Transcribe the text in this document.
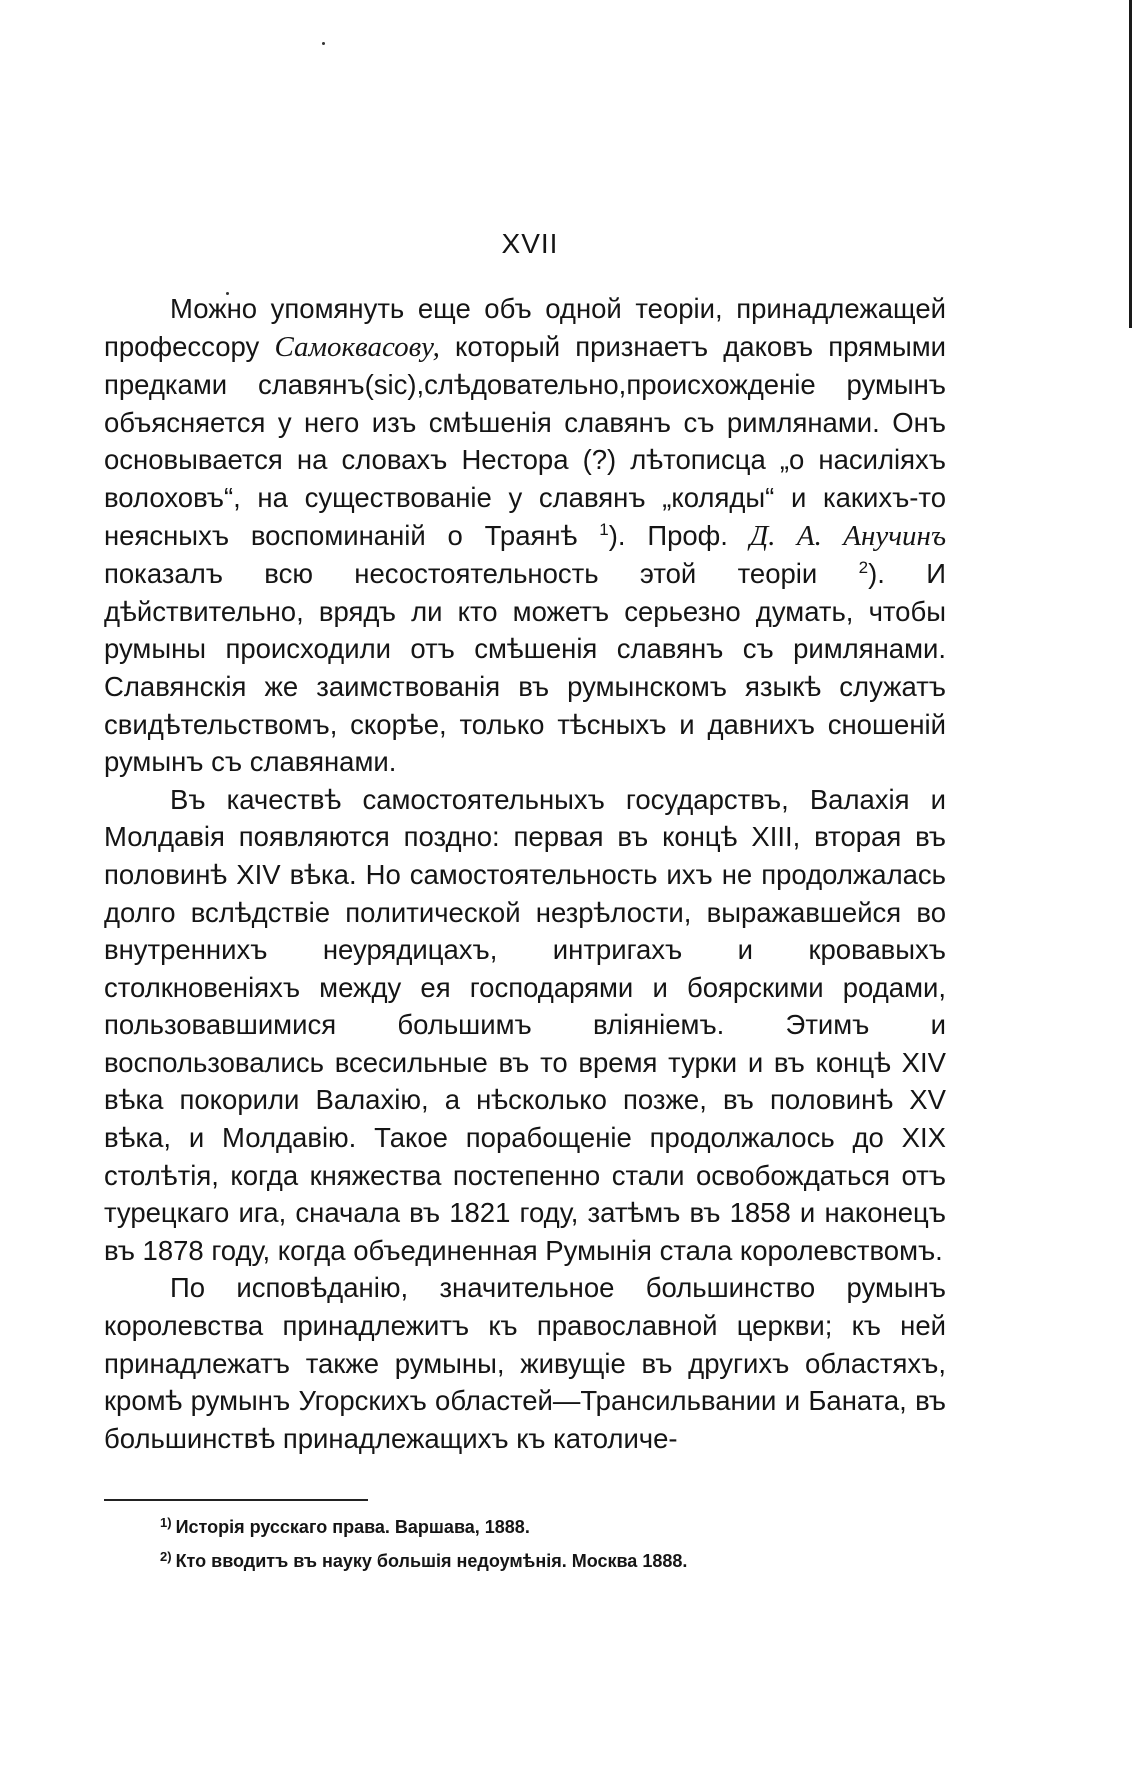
XVII

Можно упомянуть еще объ одной теоріи, принадлежащей профессору Самоквасову, который признаетъ даковъ прямыми предками славянъ(sic),слѣдовательно,происхожденіе румынъ объясняется у него изъ смѣшенія славянъ съ римлянами. Онъ основывается на словахъ Нестора (?) лѣтописца „о насиліяхъ волоховъ“, на существованіе у славянъ „коляды“ и какихъ-то неясныхъ воспоминаній о Траянѣ $^1$). Проф. Д. А. Анучинъ показалъ всю несостоятельность этой теоріи $^2$). И дѣйствительно, врядъ ли кто можетъ серьезно думать, чтобы румыны происходили отъ смѣшенія славянъ съ римлянами. Славянскія же заимствованія въ румынскомъ языкѣ служатъ свидѣтельствомъ, скорѣе, только тѣсныхъ и давнихъ сношеній румынъ съ славянами.

Въ качествѣ самостоятельныхъ государствъ, Валахія и Молдавія появляются поздно: первая въ концѣ XIII, вторая въ половинѣ XIV вѣка. Но самостоятельность ихъ не продолжалась долго вслѣдствіе политической незрѣлости, выражавшейся во внутреннихъ неурядицахъ, интригахъ и кровавыхъ столкновеніяхъ между ея господарями и боярскими родами, пользовавшимися большимъ вліяніемъ. Этимъ и воспользовались всесильные въ то время турки и въ концѣ XIV вѣка покорили Валахію, а нѣсколько позже, въ половинѣ XV вѣка, и Молдавію. Такое порабощеніе продолжалось до XIX столѣтія, когда княжества постепенно стали освобождаться отъ турецкаго ига, сначала въ 1821 году, затѣмъ въ 1858 и наконецъ въ 1878 году, когда объединенная Румынія стала королевствомъ.

По исповѣданію, значительное большинство румынъ королевства принадлежитъ къ православной церкви; къ ней принадлежатъ также румыны, живущіе въ другихъ областяхъ, кромѣ румынъ Угорскихъ областей—Трансильвании и Баната, въ большинствѣ принадлежащихъ къ католиче-

$^{1)}$ Исторія русскаго права. Варшава, 1888.
$^{2)}$ Кто вводитъ въ науку большія недоумѣнія. Москва 1888.
